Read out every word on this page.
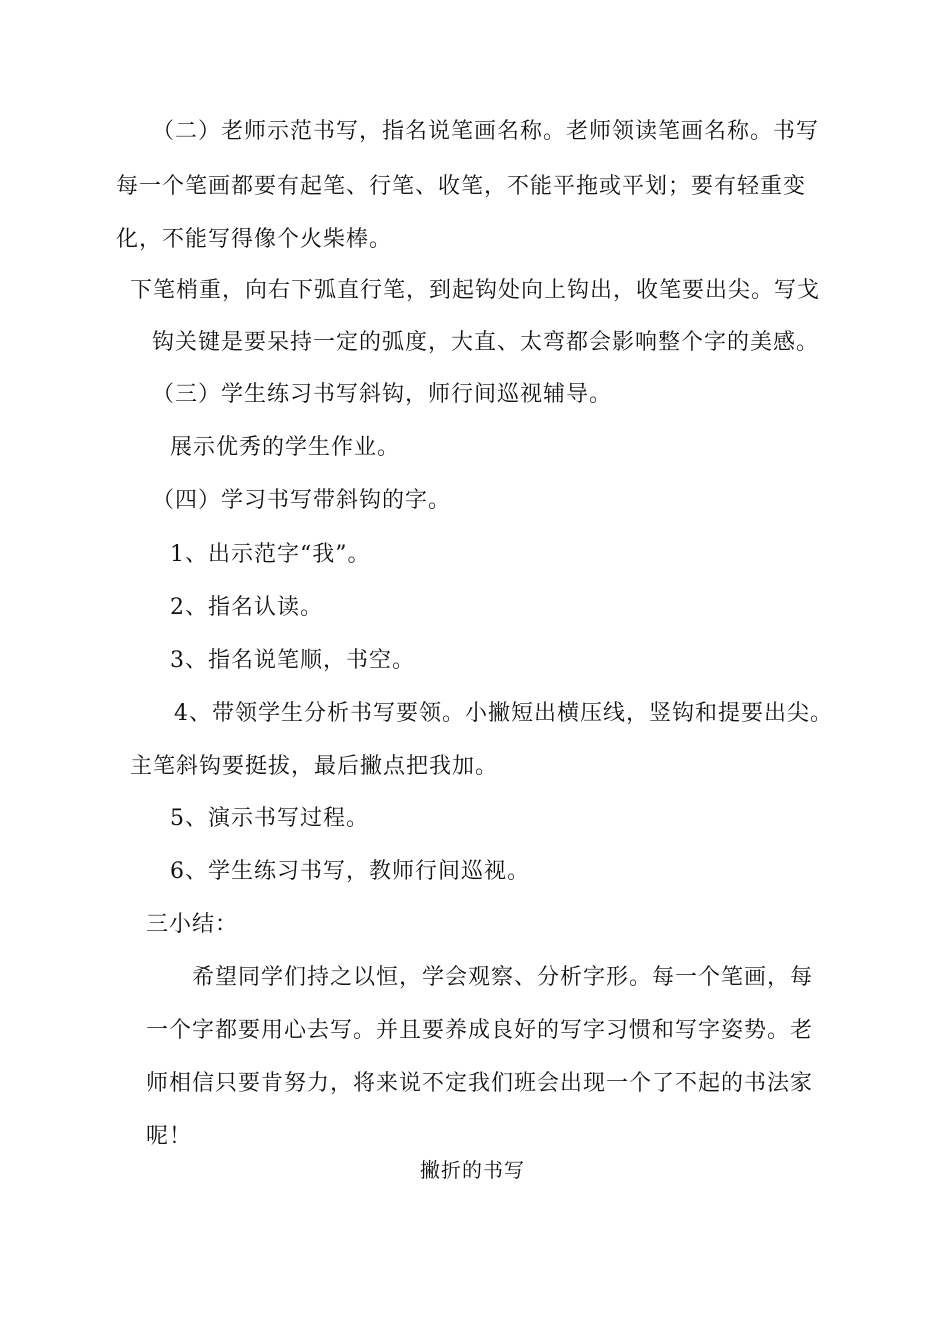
（二）老师示范书写，指名说笔画名称。老师领读笔画名称。书写
每一个笔画都要有起笔、行笔、收笔，不能平拖或平划；要有轻重变
化，不能写得像个火柴棒。
下笔梢重，向右下弧直行笔，到起钩处向上钩出，收笔要出尖。写戈
钩关键是要呆持一定的弧度，大直、太弯都会影响整个字的美感。
（三）学生练习书写斜钩，师行间巡视辅导。
展示优秀的学生作业。
（四）学习书写带斜钩的字。
1、出示范字“我”。
2、指名认读。
3、指名说笔顺，书空。
4、带领学生分析书写要领。小撇短出横压线，竖钩和提要出尖。
主笔斜钩要挺拔，最后撇点把我加。
5、演示书写过程。
6、学生练习书写，教师行间巡视。
三小结：
希望同学们持之以恒，学会观察、分析字形。每一个笔画，每
一个字都要用心去写。并且要养成良好的写字习惯和写字姿势。老
师相信只要肯努力，将来说不定我们班会出现一个了不起的书法家
呢！
撇折的书写
